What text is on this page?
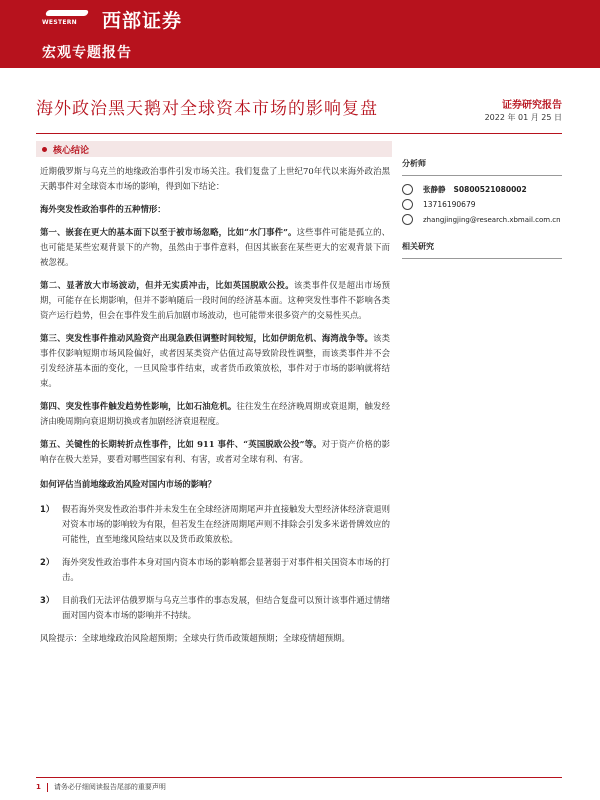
WESTERN 西部证券
宏观专题报告
海外政治黑天鹅对全球资本市场的影响复盘	证券研究报告
2022 年 01 月 25 日
核心结论

近期俄罗斯与乌克兰的地缘政治事件引发市场关注。我们复盘了上世纪70年代以来海外政治黑天鹅事件对全球资本市场的影响，得到如下结论：

海外突发性政治事件的五种情形：

第一、嵌套在更大的基本面下以至于被市场忽略，比如“水门事件”。这些事件可能是孤立的、也可能是某些宏观背景下的产物，虽然由于事件意料，但因其嵌套在某些更大的宏观背景下而被忽视。

第二、显著放大市场波动，但并无实质冲击，比如英国脱欧公投。该类事件仅是超出市场预期，可能存在长期影响，但并不影响随后一段时间的经济基本面。这种突发性事件不影响各类资产运行趋势，但会在事件发生前后加剧市场波动，也可能带来很多资产的交易性买点。

第三、突发性事件推动风险资产出现急跌但调整时间较短，比如伊朗危机、海湾战争等。该类事件仅影响短期市场风险偏好，或者因某类资产估值过高导致阶段性调整，而该类事件并不会引发经济基本面的变化，一旦风险事件结束，或者货币政策放松，事件对于市场的影响就将结束。

第四、突发性事件触发趋势性影响，比如石油危机。往往发生在经济晚周期或衰退期，触发经济由晚周期向衰退期切换或者加剧经济衰退程度。

第五、关键性的长期转折点性事件，比如 911 事件、“英国脱欧公投”等。对于资产价格的影响存在极大差异，要看对哪些国家有利、有害，或者对全球有利、有害。

如何评估当前地缘政治风险对国内市场的影响？

1） 假若海外突发性政治事件并未发生在全球经济周期尾声并直接触发大型经济体经济衰退则对资本市场的影响较为有限，但若发生在经济周期尾声则不排除会引发多米诺骨牌效应的可能性，直至地缘风险结束以及货币政策放松。
2） 海外突发性政治事件本身对国内资本市场的影响都会显著弱于对事件相关国资本市场的打击。
3） 目前我们无法评估俄罗斯与乌克兰事件的事态发展，但结合复盘可以预计该事件通过情绪面对国内资本市场的影响并不持续。

风险提示：全球地缘政治风险超预期；全球央行货币政策超预期；全球疫情超预期。

分析师
张静静 S0800521080002
13716190679
zhangjingjing@research.xbmail.com.cn
相关研究
1 请务必仔细阅读报告尾部的重要声明
